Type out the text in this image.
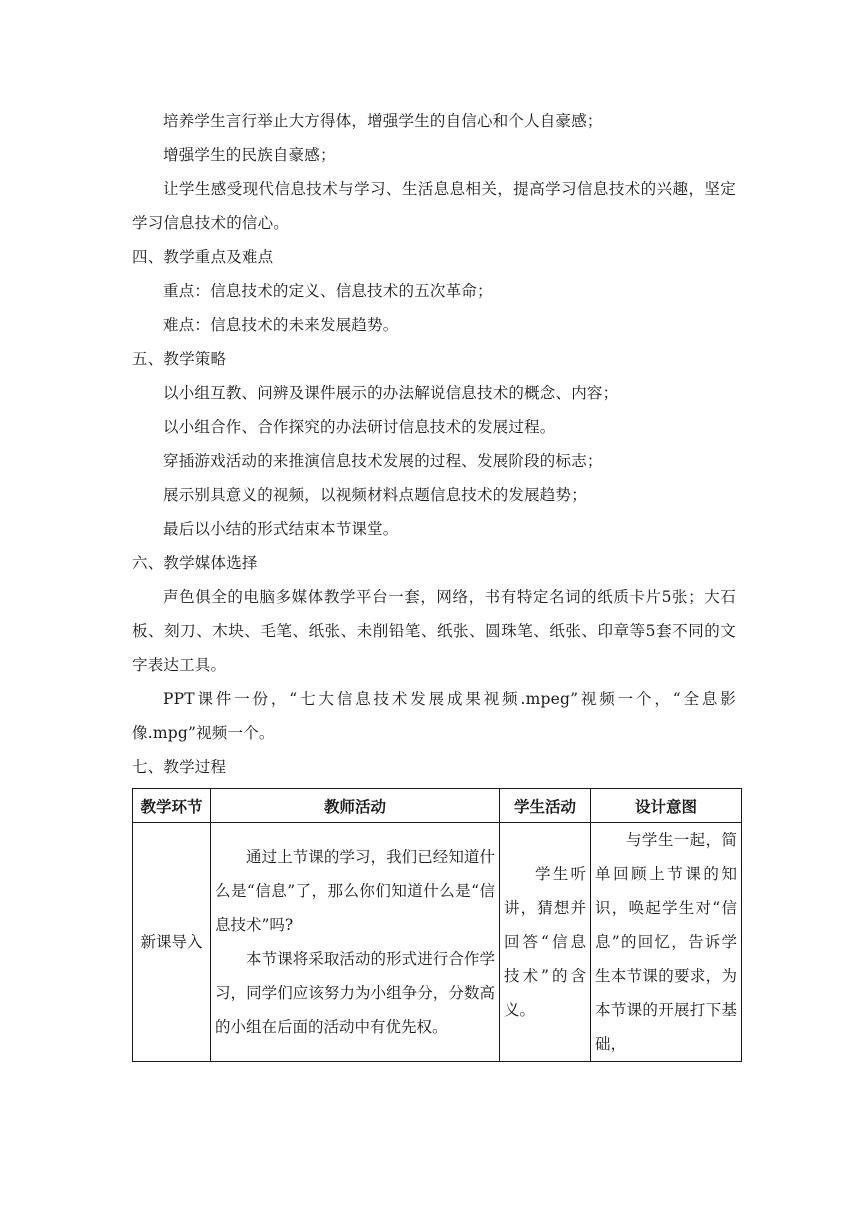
培养学生言行举止大方得体，增强学生的自信心和个人自豪感；

增强学生的民族自豪感；

让学生感受现代信息技术与学习、生活息息相关，提高学习信息技术的兴趣，坚定学习信息技术的信心。

四、教学重点及难点

重点：信息技术的定义、信息技术的五次革命；

难点：信息技术的未来发展趋势。

五、教学策略

以小组互教、问辨及课件展示的办法解说信息技术的概念、内容；

以小组合作、合作探究的办法研讨信息技术的发展过程。

穿插游戏活动的来推演信息技术发展的过程、发展阶段的标志；

展示别具意义的视频，以视频材料点题信息技术的发展趋势；

最后以小结的形式结束本节课堂。

六、教学媒体选择

声色俱全的电脑多媒体教学平台一套，网络，书有特定名词的纸质卡片5张；大石板、刻刀、木块、毛笔、纸张、未削铅笔、纸张、圆珠笔、纸张、印章等5套不同的文字表达工具。

PPT课件一份，“七大信息技术发展成果视频.mpeg”视频一个，“全息影像.mpg”视频一个。

七、教学过程

教学环节	教师活动	学生活动	设计意图
新课导入	通过上节课的学习，我们已经知道什么是“信息”了，那么你们知道什么是“信息技术”吗?

本节课将采取活动的形式进行合作学习，同学们应该努力为小组争分，分数高的小组在后面的活动中有优先权。	学生听讲，猜想并回答“信息技术”的含义。	与学生一起，简单回顾上节课的知识，唤起学生对“信息”的回忆，告诉学生本节课的要求，为本节课的开展打下基础，
